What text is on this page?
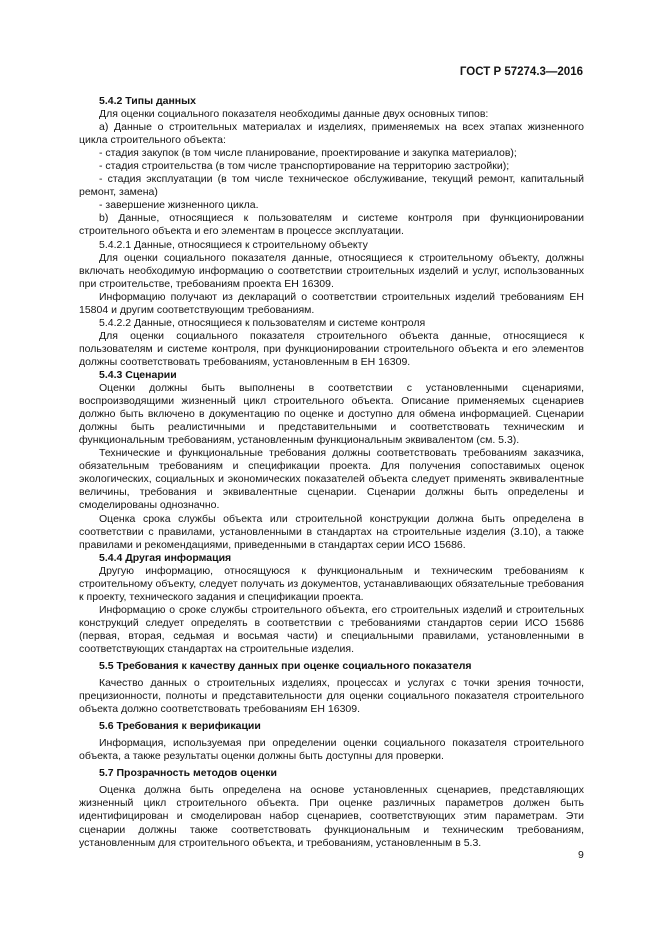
ГОСТ Р 57274.3—2016
5.4.2 Типы данных

Для оценки социального показателя необходимы данные двух основных типов:

a) Данные о строительных материалах и изделиях, применяемых на всех этапах жизненного цикла строительного объекта:

- стадия закупок (в том числе планирование, проектирование и закупка материалов);

- стадия строительства (в том числе транспортирование на территорию застройки);

- стадия эксплуатации (в том числе техническое обслуживание, текущий ремонт, капитальный ремонт, замена)

- завершение жизненного цикла.

b) Данные, относящиеся к пользователям и системе контроля при функционировании строительного объекта и его элементам в процессе эксплуатации.

5.4.2.1 Данные, относящиеся к строительному объекту

Для оценки социального показателя данные, относящиеся к строительному объекту, должны включать необходимую информацию о соответствии строительных изделий и услуг, использованных при строительстве, требованиям проекта ЕН 16309.

Информацию получают из деклараций о соответствии строительных изделий требованиям ЕН 15804 и другим соответствующим требованиям.

5.4.2.2 Данные, относящиеся к пользователям и системе контроля

Для оценки социального показателя строительного объекта данные, относящиеся к пользователям и системе контроля, при функционировании строительного объекта и его элементов должны соответствовать требованиям, установленным в ЕН 16309.

5.4.3 Сценарии

Оценки должны быть выполнены в соответствии с установленными сценариями, воспроизводящими жизненный цикл строительного объекта. Описание применяемых сценариев должно быть включено в документацию по оценке и доступно для обмена информацией. Сценарии должны быть реалистичными и представительными и соответствовать техническим и функциональным требованиям, установленным функциональным эквивалентом (см. 5.3).

Технические и функциональные требования должны соответствовать требованиям заказчика, обязательным требованиям и спецификации проекта. Для получения сопоставимых оценок экологических, социальных и экономических показателей объекта следует применять эквивалентные величины, требования и эквивалентные сценарии. Сценарии должны быть определены и смоделированы однозначно.

Оценка срока службы объекта или строительной конструкции должна быть определена в соответствии с правилами, установленными в стандартах на строительные изделия (3.10), а также правилами и рекомендациями, приведенными в стандартах серии ИСО 15686.

5.4.4 Другая информация

Другую информацию, относящуюся к функциональным и техническим требованиям к строительному объекту, следует получать из документов, устанавливающих обязательные требования к проекту, технического задания и спецификации проекта.

Информацию о сроке службы строительного объекта, его строительных изделий и строительных конструкций следует определять в соответствии с требованиями стандартов серии ИСО 15686 (первая, вторая, седьмая и восьмая части) и специальными правилами, установленными в соответствующих стандартах на строительные изделия.

5.5 Требования к качеству данных при оценке социального показателя

Качество данных о строительных изделиях, процессах и услугах с точки зрения точности, прецизионности, полноты и представительности для оценки социального показателя строительного объекта должно соответствовать требованиям ЕН 16309.

5.6 Требования к верификации

Информация, используемая при определении оценки социального показателя строительного объекта, а также результаты оценки должны быть доступны для проверки.

5.7 Прозрачность методов оценки

Оценка должна быть определена на основе установленных сценариев, представляющих жизненный цикл строительного объекта. При оценке различных параметров должен быть идентифицирован и смоделирован набор сценариев, соответствующих этим параметрам. Эти сценарии должны также соответствовать функциональным и техническим требованиям, установленным для строительного объекта, и требованиям, установленным в 5.3.

9
